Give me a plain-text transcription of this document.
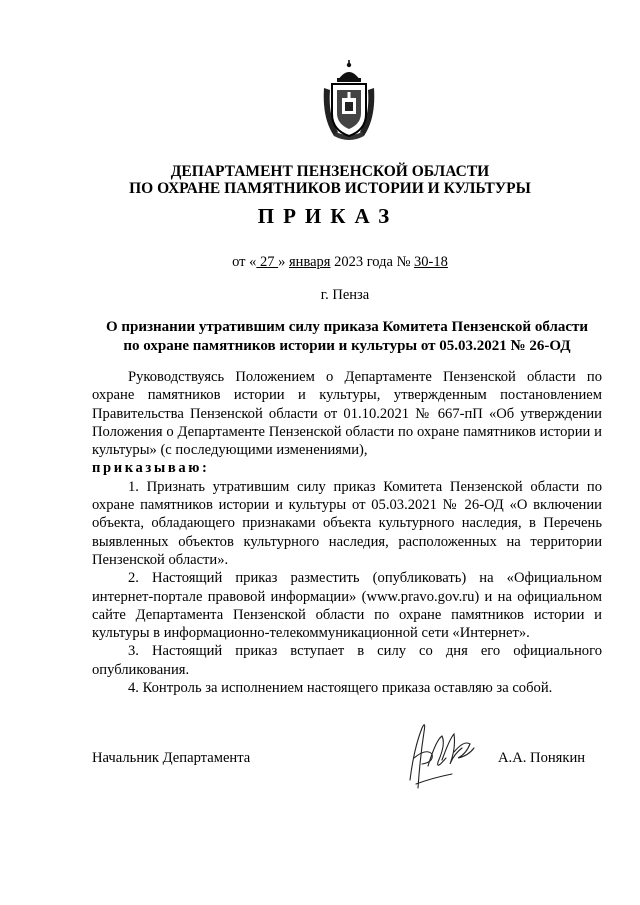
ДЕПАРТАМЕНТ ПЕНЗЕНСКОЙ ОБЛАСТИ
ПО ОХРАНЕ ПАМЯТНИКОВ ИСТОРИИ И КУЛЬТУРЫ
ПРИКАЗ
от « 27 » января 2023 года № 30-18
г. Пенза
О признании утратившим силу приказа Комитета Пензенской области
по охране памятников истории и культуры от 05.03.2021 № 26-ОД

Руководствуясь Положением о Департаменте Пензенской области по охране памятников истории и культуры, утвержденным постановлением Правительства Пензенской области от 01.10.2021 № 667-пП «Об утверждении Положения о Департаменте Пензенской области по охране памятников истории и культуры» (с последующими изменениями),

приказываю:

1. Признать утратившим силу приказ Комитета Пензенской области по охране памятников истории и культуры от 05.03.2021 № 26-ОД «О включении объекта, обладающего признаками объекта культурного наследия, в Перечень выявленных объектов культурного наследия, расположенных на территории Пензенской области».

2. Настоящий приказ разместить (опубликовать) на «Официальном интернет-портале правовой информации» (www.pravo.gov.ru) и на официальном сайте Департамента Пензенской области по охране памятников истории и культуры в информационно-телекоммуникационной сети «Интернет».

3. Настоящий приказ вступает в силу со дня его официального опубликования.

4. Контроль за исполнением настоящего приказа оставляю за собой.

Начальник Департамента	А.А. Понякин
